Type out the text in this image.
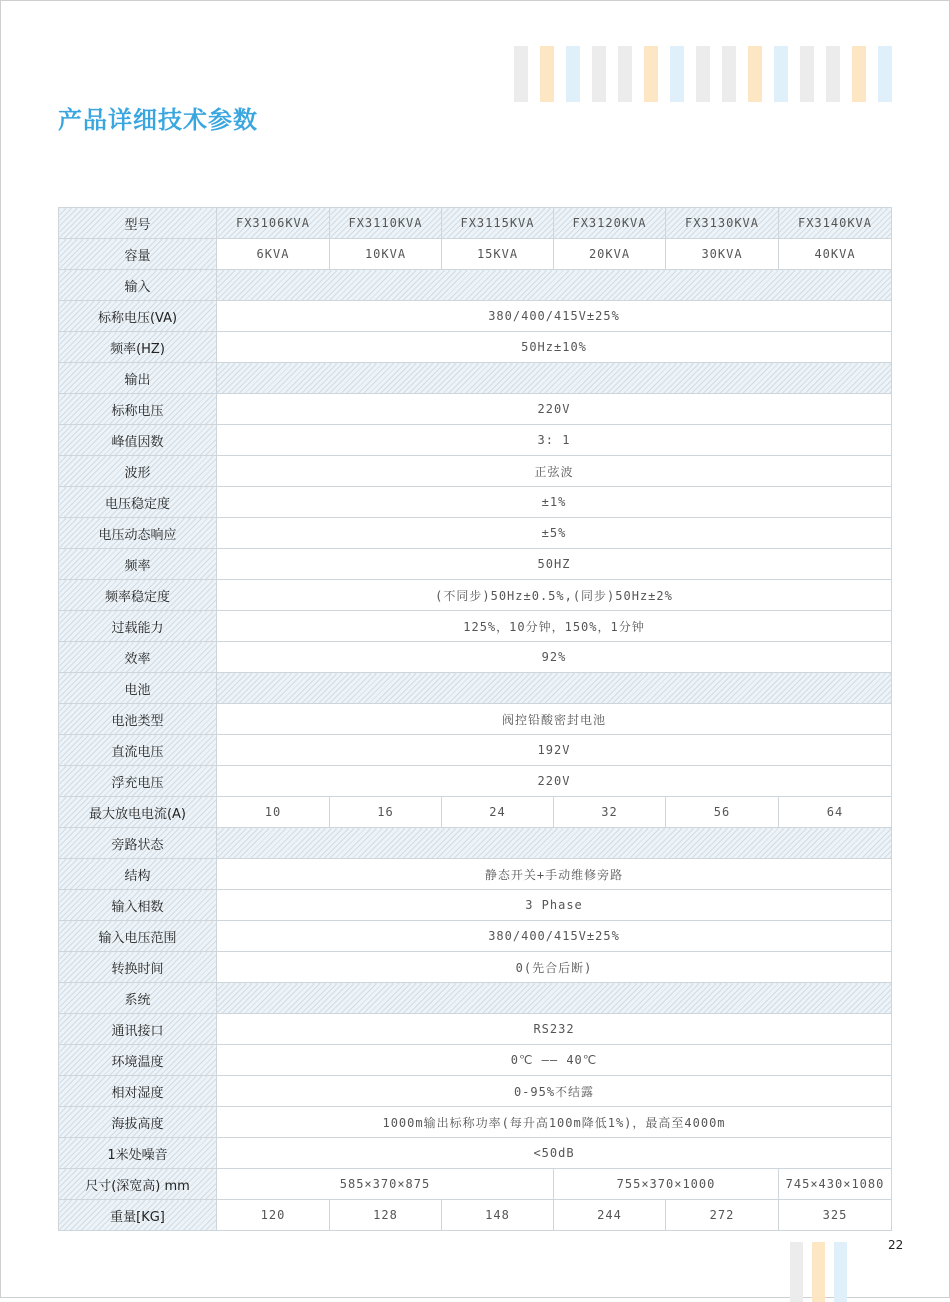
产品详细技术参数
型号	FX3106KVA	FX3110KVA	FX3115KVA	FX3120KVA	FX3130KVA	FX3140KVA
容量	6KVA	10KVA	15KVA	20KVA	30KVA	40KVA
输入						
标称电压(VA)	380/400/415V±25%					
频率(HZ)	50Hz±10%					
输出						
标称电压	220V					
峰值因数	3: 1					
波形	正弦波					
电压稳定度	±1%					
电压动态响应	±5%					
频率	50HZ					
频率稳定度	(不同步)50Hz±0.5%,(同步)50Hz±2%					
过载能力	125%，10分钟，150%，1分钟					
效率	92%					
电池						
电池类型	阀控铅酸密封电池					
直流电压	192V					
浮充电压	220V					
最大放电电流(A)	10	16	24	32	56	64
旁路状态						
结构	静态开关+手动维修旁路					
输入相数	3 Phase					
输入电压范围	380/400/415V±25%					
转换时间	0(先合后断)					
系统						
通讯接口	RS232					
环境温度	0℃ —— 40℃					
相对湿度	0-95%不结露					
海拔高度	1000m输出标称功率(每升高100m降低1%)，最高至4000m					
1米处噪音	<50dB					
尺寸(深宽高) mm	585×370×875			755×370×1000		745×430×1080
重量[KG]	120	128	148	244	272	325
22
